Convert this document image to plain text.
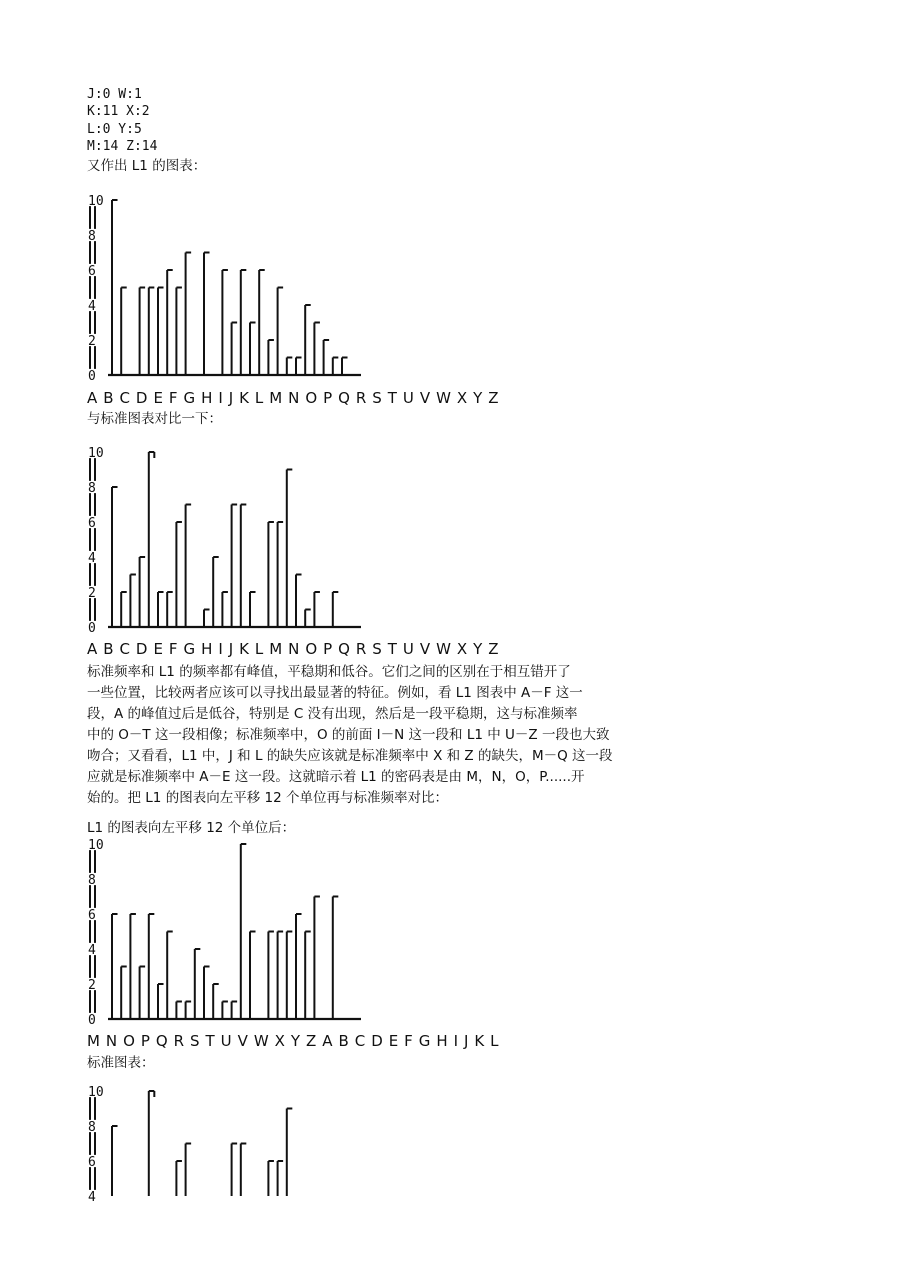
J:0 W:1
K:11 X:2
L:0 Y:5
M:14 Z:14
又作出 L1 的图表：
0
2
4
6
8
10
A B C D E F G H I J K L M N O P Q R S T U V W X Y Z
与标准图表对比一下：
0
2
4
6
8
10
A B C D E F G H I J K L M N O P Q R S T U V W X Y Z
标准频率和 L1 的频率都有峰值，平稳期和低谷。它们之间的区别在于相互错开了
一些位置，比较两者应该可以寻找出最显著的特征。例如，看 L1 图表中 A－F 这一
段，A 的峰值过后是低谷，特别是 C 没有出现，然后是一段平稳期，这与标准频率
中的 O－T 这一段相像；标准频率中，O 的前面 I－N 这一段和 L1 中 U－Z 一段也大致
吻合；又看看，L1 中，J 和 L 的缺失应该就是标准频率中 X 和 Z 的缺失，M－Q 这一段
应就是标准频率中 A－E 这一段。这就暗示着 L1 的密码表是由 M，N，O，P......开
始的。把 L1 的图表向左平移 12 个单位再与标准频率对比：
L1 的图表向左平移 12 个单位后：
0
2
4
6
8
10
M N O P Q R S T U V W X Y Z A B C D E F G H I J K L
标准图表：
4
6
8
10
